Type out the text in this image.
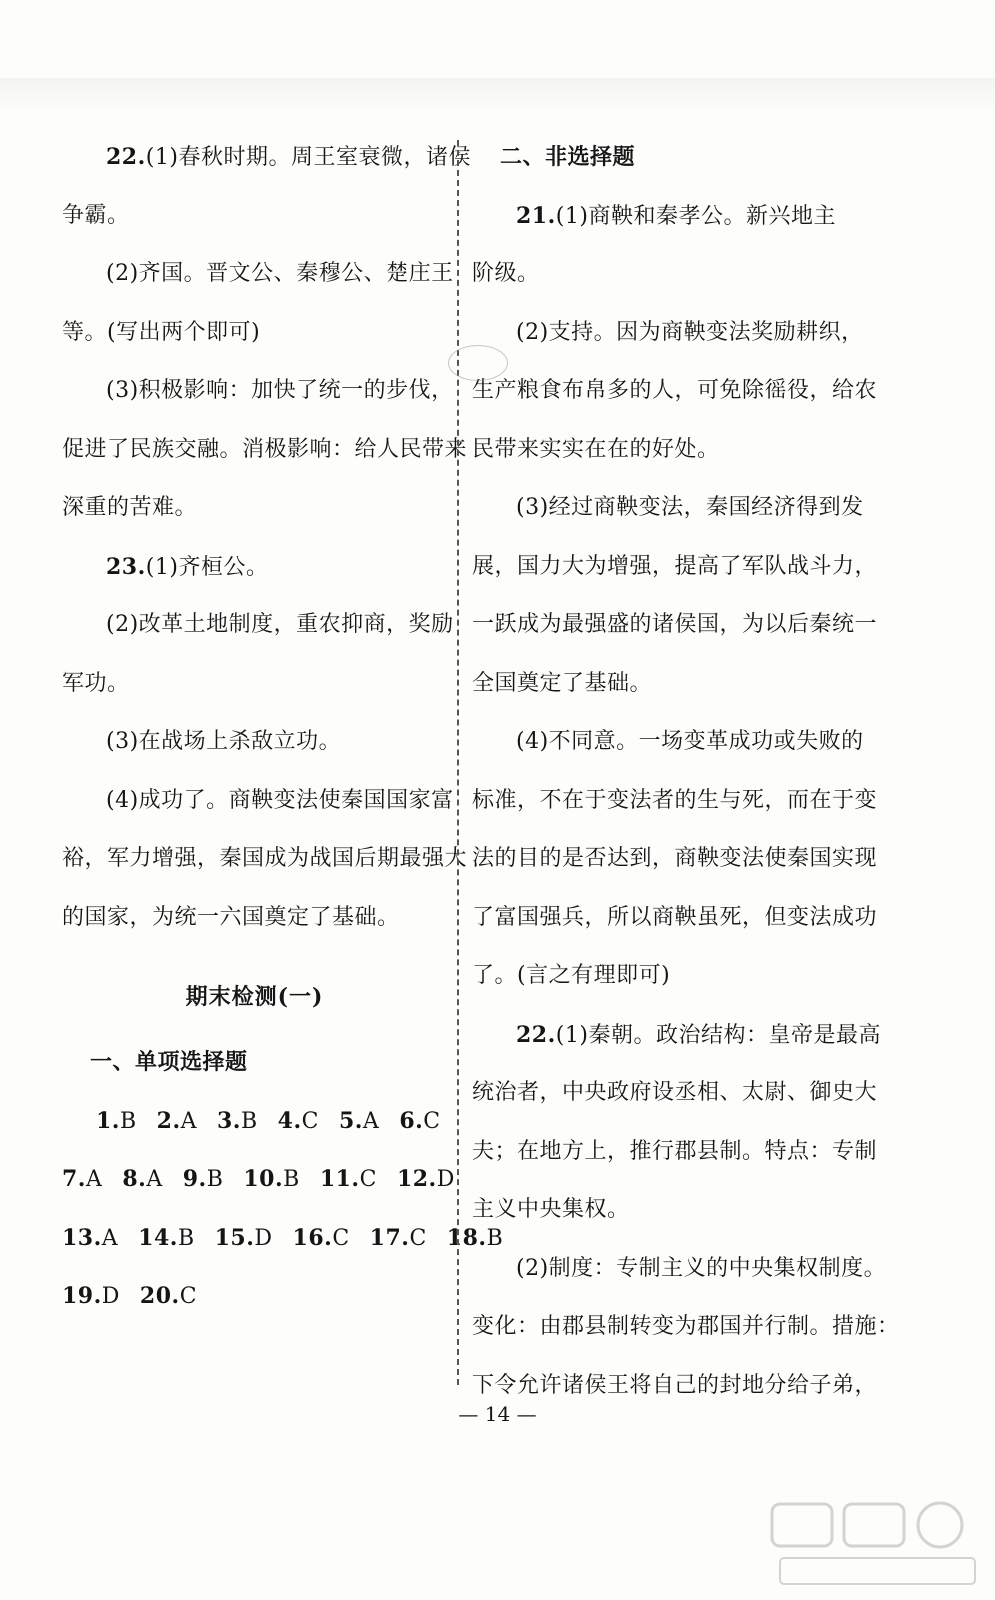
22.(1)春秋时期。周王室衰微，诸侯
争霸。
(2)齐国。晋文公、秦穆公、楚庄王
等。(写出两个即可)
(3)积极影响：加快了统一的步伐，
促进了民族交融。消极影响：给人民带来
深重的苦难。
23.(1)齐桓公。
(2)改革土地制度，重农抑商，奖励
军功。
(3)在战场上杀敌立功。
(4)成功了。商鞅变法使秦国国家富
裕，军力增强，秦国成为战国后期最强大
的国家，为统一六国奠定了基础。
期末检测(一)
一、单项选择题
1.B 2.A 3.B 4.C 5.A 6.C
7.A 8.A 9.B 10.B 11.C 12.D
13.A 14.B 15.D 16.C 17.C 18.B
19.D 20.C
二、非选择题
21.(1)商鞅和秦孝公。新兴地主
阶级。
(2)支持。因为商鞅变法奖励耕织，
生产粮食布帛多的人，可免除徭役，给农
民带来实实在在的好处。
(3)经过商鞅变法，秦国经济得到发
展，国力大为增强，提高了军队战斗力，
一跃成为最强盛的诸侯国，为以后秦统一
全国奠定了基础。
(4)不同意。一场变革成功或失败的
标准，不在于变法者的生与死，而在于变
法的目的是否达到，商鞅变法使秦国实现
了富国强兵，所以商鞅虽死，但变法成功
了。(言之有理即可)
22.(1)秦朝。政治结构：皇帝是最高
统治者，中央政府设丞相、太尉、御史大
夫；在地方上，推行郡县制。特点：专制
主义中央集权。
(2)制度：专制主义的中央集权制度。
变化：由郡县制转变为郡国并行制。措施：
下令允许诸侯王将自己的封地分给子弟，
— 14 —
